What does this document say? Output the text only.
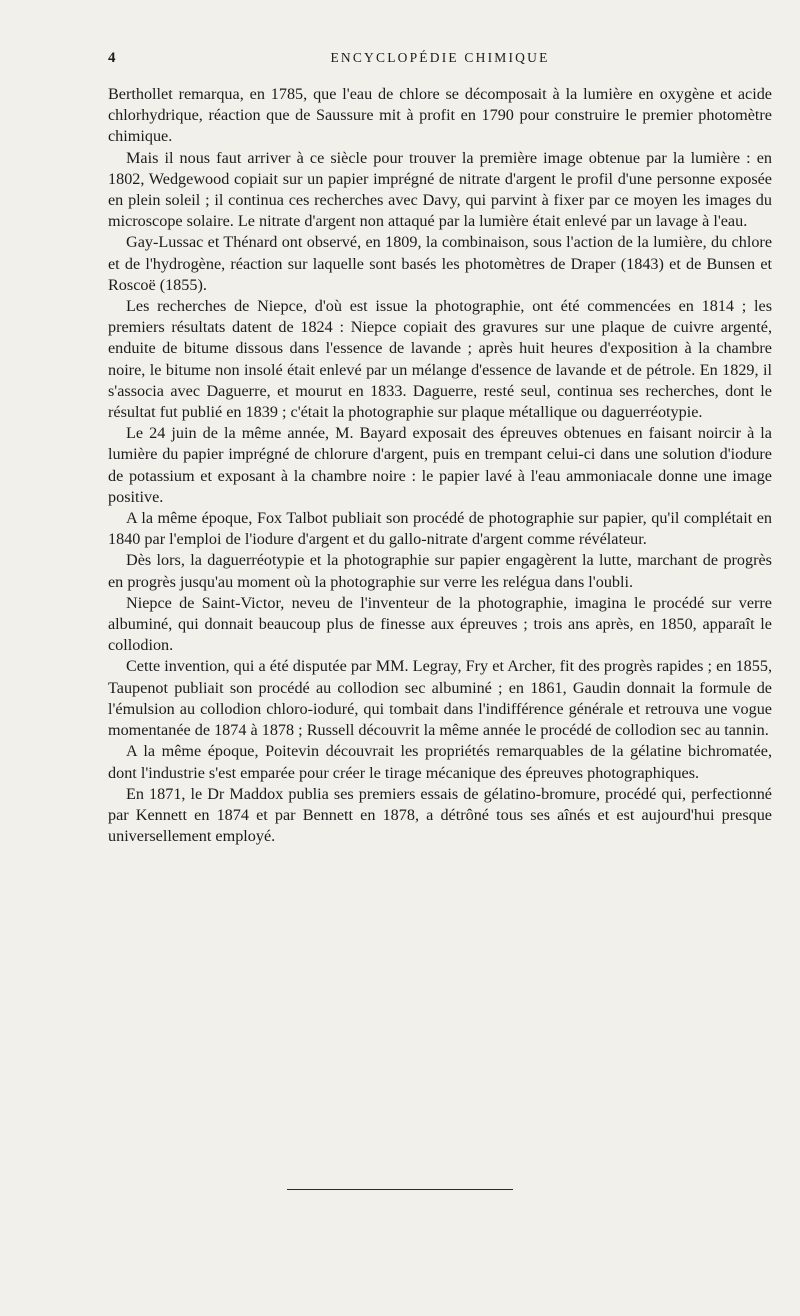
4	ENCYCLOPÉDIE CHIMIQUE

Berthollet remarqua, en 1785, que l'eau de chlore se décomposait à la lumière en oxygène et acide chlorhydrique, réaction que de Saussure mit à profit en 1790 pour construire le premier photomètre chimique.

Mais il nous faut arriver à ce siècle pour trouver la première image obtenue par la lumière : en 1802, Wedgewood copiait sur un papier imprégné de nitrate d'argent le profil d'une personne exposée en plein soleil ; il continua ces recherches avec Davy, qui parvint à fixer par ce moyen les images du microscope solaire. Le nitrate d'argent non attaqué par la lumière était enlevé par un lavage à l'eau.

Gay-Lussac et Thénard ont observé, en 1809, la combinaison, sous l'action de la lumière, du chlore et de l'hydrogène, réaction sur laquelle sont basés les photomètres de Draper (1843) et de Bunsen et Roscoë (1855).

Les recherches de Niepce, d'où est issue la photographie, ont été commencées en 1814 ; les premiers résultats datent de 1824 : Niepce copiait des gravures sur une plaque de cuivre argenté, enduite de bitume dissous dans l'essence de lavande ; après huit heures d'exposition à la chambre noire, le bitume non insolé était enlevé par un mélange d'essence de lavande et de pétrole. En 1829, il s'associa avec Daguerre, et mourut en 1833. Daguerre, resté seul, continua ses recherches, dont le résultat fut publié en 1839 ; c'était la photographie sur plaque métallique ou daguerréotypie.

Le 24 juin de la même année, M. Bayard exposait des épreuves obtenues en faisant noircir à la lumière du papier imprégné de chlorure d'argent, puis en trempant celui-ci dans une solution d'iodure de potassium et exposant à la chambre noire : le papier lavé à l'eau ammoniacale donne une image positive.

A la même époque, Fox Talbot publiait son procédé de photographie sur papier, qu'il complétait en 1840 par l'emploi de l'iodure d'argent et du gallo-nitrate d'argent comme révélateur.

Dès lors, la daguerréotypie et la photographie sur papier engagèrent la lutte, marchant de progrès en progrès jusqu'au moment où la photographie sur verre les relégua dans l'oubli.

Niepce de Saint-Victor, neveu de l'inventeur de la photographie, imagina le procédé sur verre albuminé, qui donnait beaucoup plus de finesse aux épreuves ; trois ans après, en 1850, apparaît le collodion.

Cette invention, qui a été disputée par MM. Legray, Fry et Archer, fit des progrès rapides ; en 1855, Taupenot publiait son procédé au collodion sec albuminé ; en 1861, Gaudin donnait la formule de l'émulsion au collodion chloro-ioduré, qui tombait dans l'indifférence générale et retrouva une vogue momentanée de 1874 à 1878 ; Russell découvrit la même année le procédé de collodion sec au tannin.

A la même époque, Poitevin découvrait les propriétés remarquables de la gélatine bichromatée, dont l'industrie s'est emparée pour créer le tirage mécanique des épreuves photographiques.

En 1871, le Dr Maddox publia ses premiers essais de gélatino-bromure, procédé qui, perfectionné par Kennett en 1874 et par Bennett en 1878, a détrôné tous ses aînés et est aujourd'hui presque universellement employé.
